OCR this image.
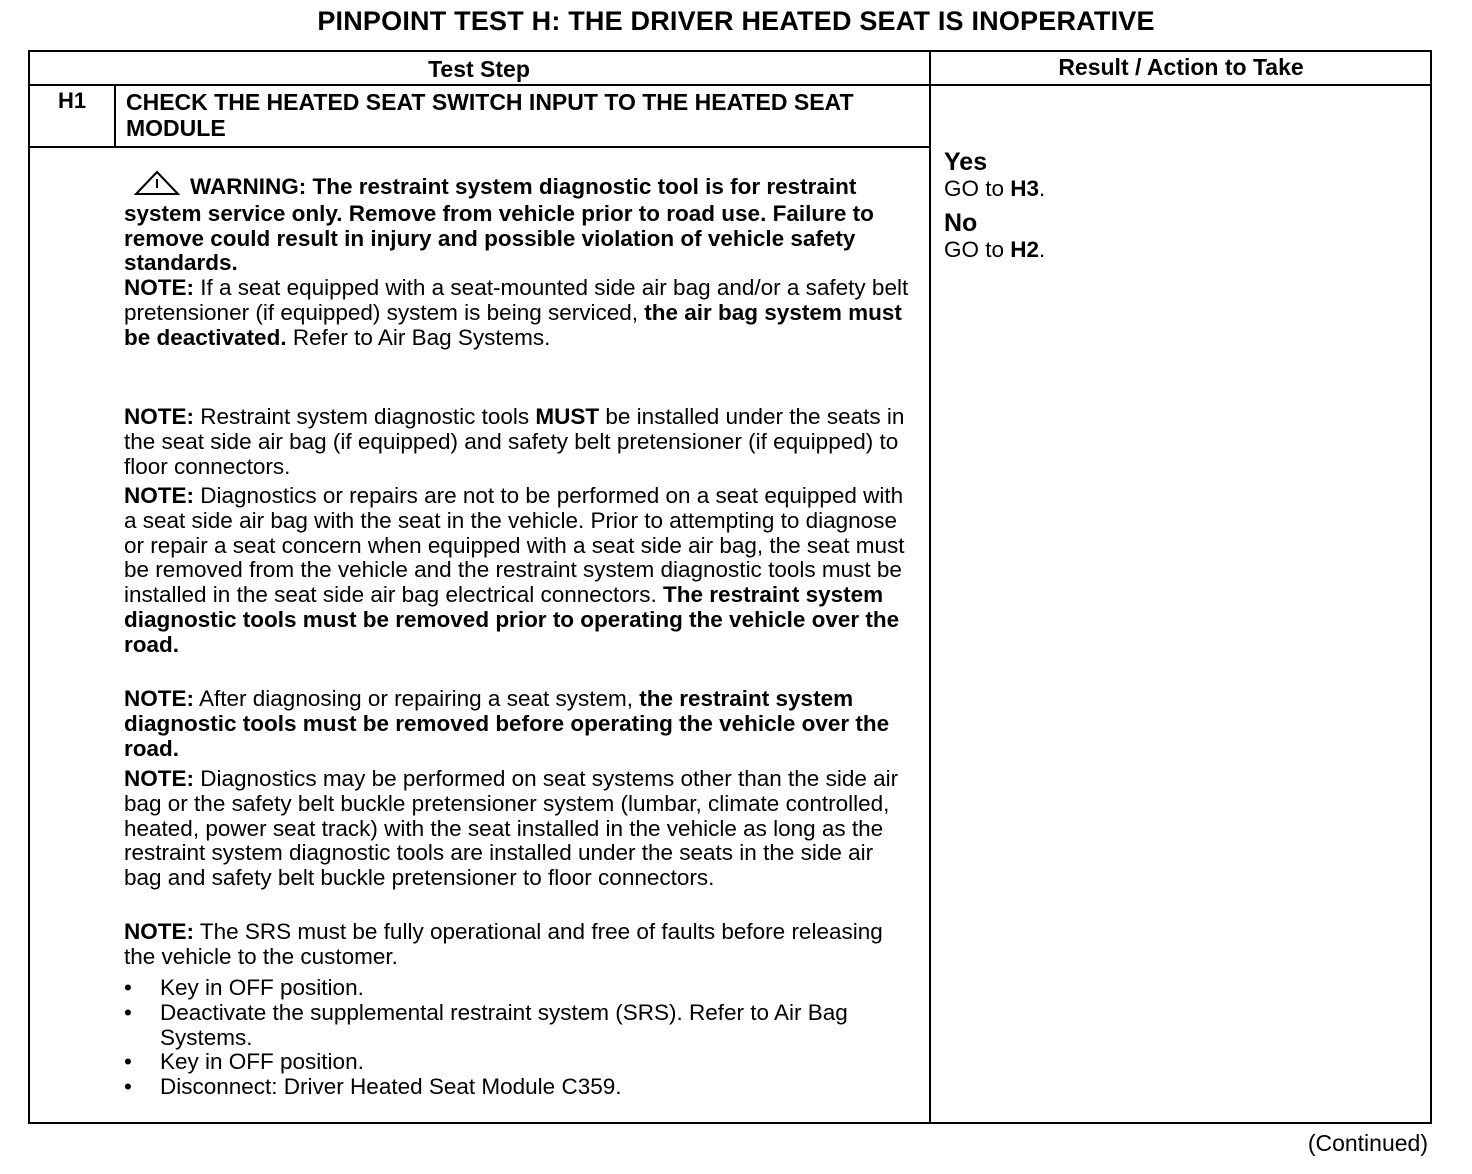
PINPOINT TEST H: THE DRIVER HEATED SEAT IS INOPERATIVE
Test Step	Result / Action to Take
H1	CHECK THE HEATED SEAT SWITCH INPUT TO THE HEATED SEAT MODULE
WARNING: The restraint system diagnostic tool is for restraint system service only. Remove from vehicle prior to road use. Failure to remove could result in injury and possible violation of vehicle safety standards.
NOTE: If a seat equipped with a seat-mounted side air bag and/or a safety belt pretensioner (if equipped) system is being serviced, the air bag system must be deactivated. Refer to Air Bag Systems.
NOTE: Restraint system diagnostic tools MUST be installed under the seats in the seat side air bag (if equipped) and safety belt pretensioner (if equipped) to floor connectors.
NOTE: Diagnostics or repairs are not to be performed on a seat equipped with a seat side air bag with the seat in the vehicle. Prior to attempting to diagnose or repair a seat concern when equipped with a seat side air bag, the seat must be removed from the vehicle and the restraint system diagnostic tools must be installed in the seat side air bag electrical connectors. The restraint system diagnostic tools must be removed prior to operating the vehicle over the road.
NOTE: After diagnosing or repairing a seat system, the restraint system diagnostic tools must be removed before operating the vehicle over the road.
NOTE: Diagnostics may be performed on seat systems other than the side air bag or the safety belt buckle pretensioner system (lumbar, climate controlled, heated, power seat track) with the seat installed in the vehicle as long as the restraint system diagnostic tools are installed under the seats in the side air bag and safety belt buckle pretensioner to floor connectors.
NOTE: The SRS must be fully operational and free of faults before releasing the vehicle to the customer.
• Key in OFF position.
• Deactivate the supplemental restraint system (SRS). Refer to Air Bag Systems.
• Key in OFF position.
• Disconnect: Driver Heated Seat Module C359.
Yes
GO to H3.
No
GO to H2.
(Continued)
